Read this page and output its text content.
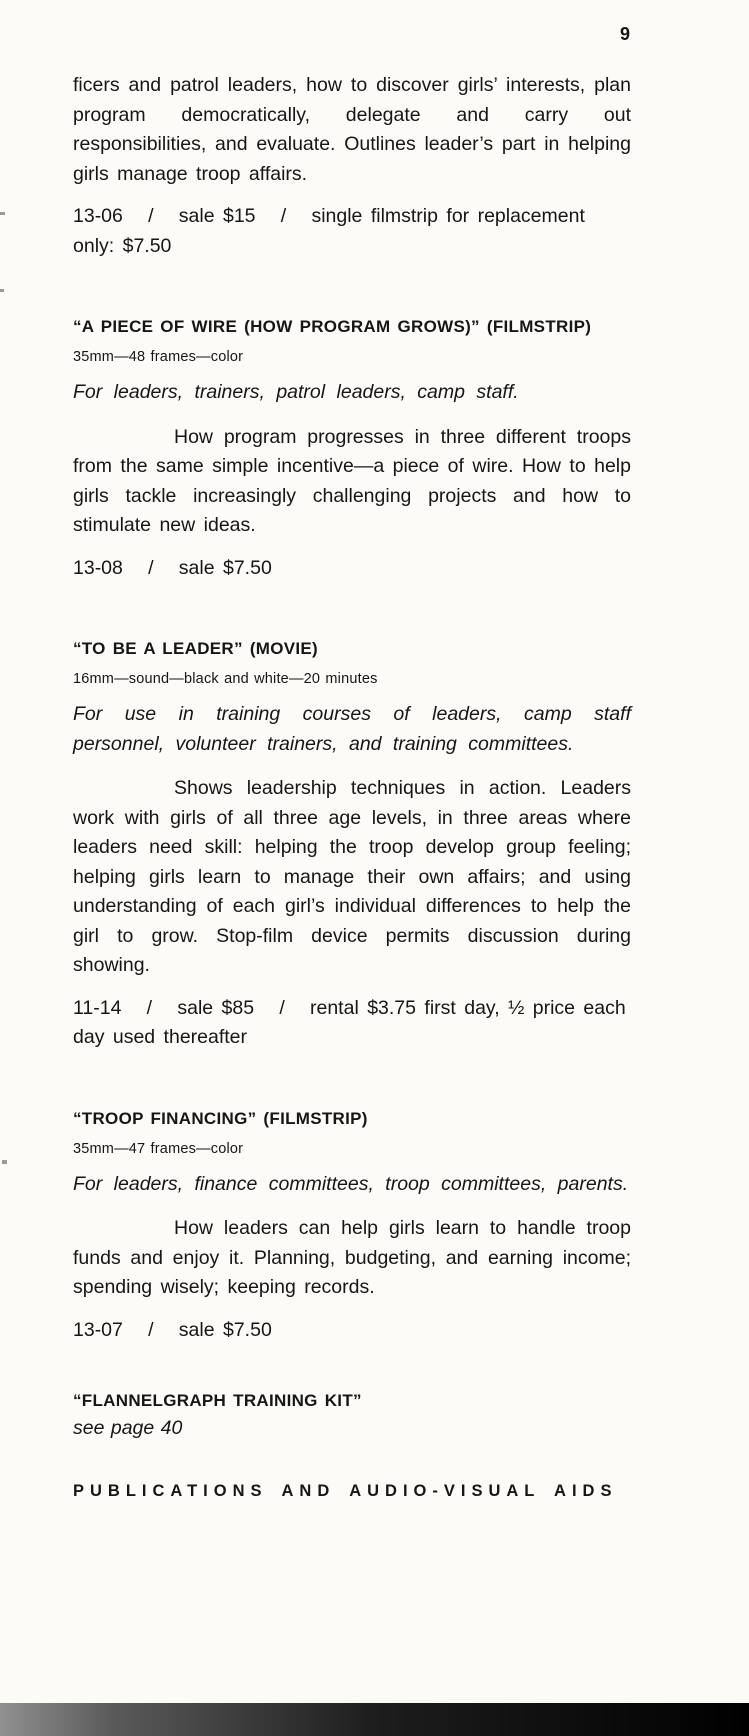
9

ficers and patrol leaders, how to discover girls’ interests, plan program democratically, delegate and carry out responsibilities, and evaluate. Outlines leader’s part in helping girls manage troop affairs.

13-06   /   sale $15   /   single filmstrip for replacement only: $7.50

“A PIECE OF WIRE (HOW PROGRAM GROWS)” (FILMSTRIP)
35mm—48 frames—color

For leaders, trainers, patrol leaders, camp staff.

How program progresses in three different troops from the same simple incentive—a piece of wire. How to help girls tackle increasingly challenging projects and how to stimulate new ideas.

13-08   /   sale $7.50

“TO BE A LEADER” (MOVIE)
16mm—sound—black and white—20 minutes

For use in training courses of leaders, camp staff personnel, volunteer trainers, and training committees.

Shows leadership techniques in action. Leaders work with girls of all three age levels, in three areas where leaders need skill: helping the troop develop group feeling; helping girls learn to manage their own affairs; and using understanding of each girl’s individual differences to help the girl to grow. Stop-film device permits discussion during showing.

11-14   /   sale $85   /   rental $3.75 first day, ½ price each day used thereafter

“TROOP FINANCING” (FILMSTRIP)
35mm—47 frames—color

For leaders, finance committees, troop committees, parents.

How leaders can help girls learn to handle troop funds and enjoy it. Planning, budgeting, and earning income; spending wisely; keeping records.

13-07   /   sale $7.50

“FLANNELGRAPH TRAINING KIT”

see page 40

PUBLICATIONS AND AUDIO-VISUAL AIDS
